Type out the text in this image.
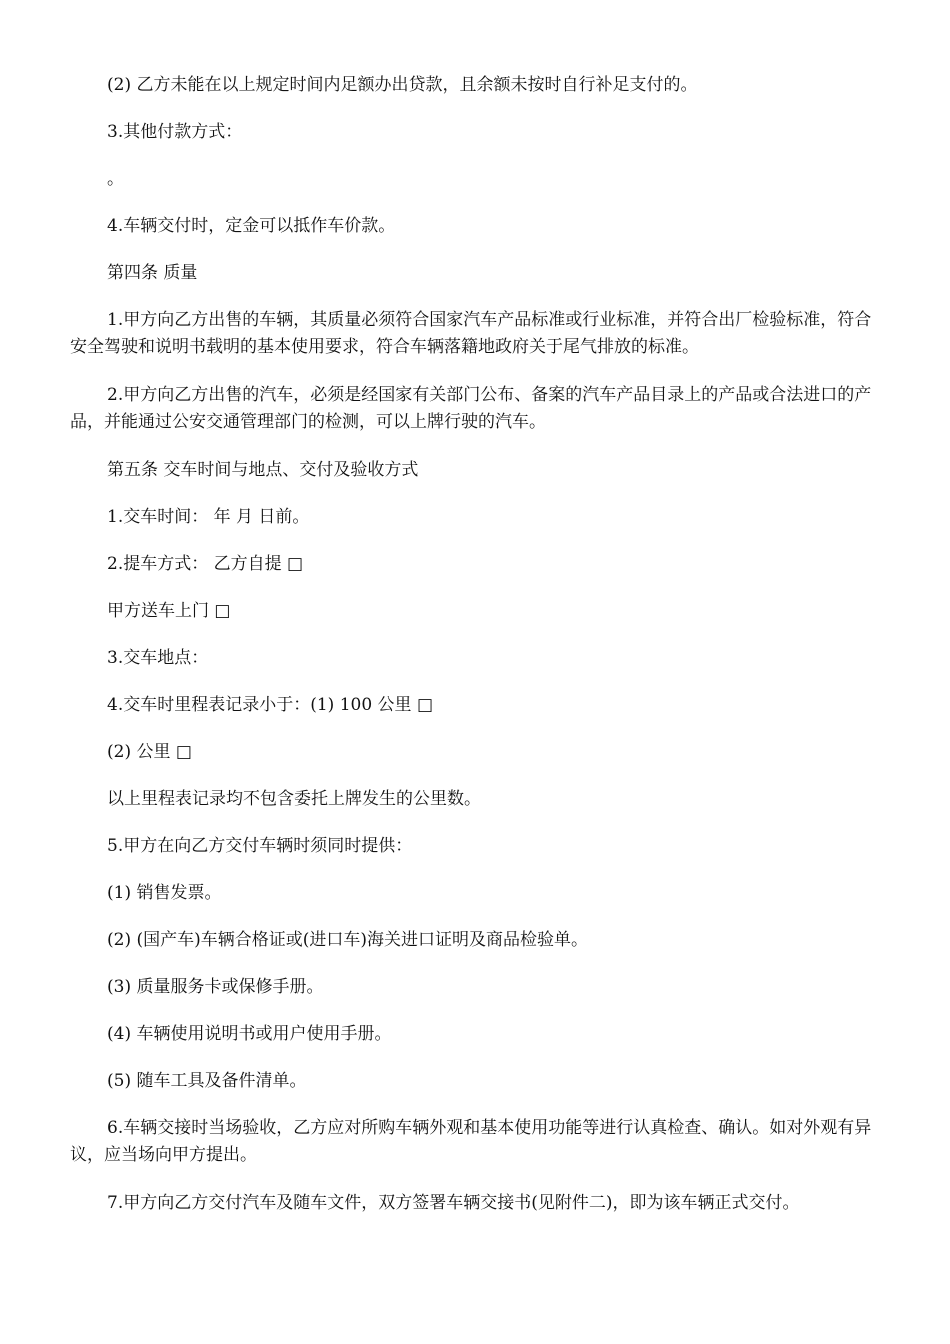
(2) 乙方未能在以上规定时间内足额办出贷款，且余额未按时自行补足支付的。

3.其他付款方式：

。

4.车辆交付时，定金可以抵作车价款。

第四条 质量

1.甲方向乙方出售的车辆，其质量必须符合国家汽车产品标准或行业标准，并符合出厂检验标准，符合安全驾驶和说明书载明的基本使用要求，符合车辆落籍地政府关于尾气排放的标准。

2.甲方向乙方出售的汽车，必须是经国家有关部门公布、备案的汽车产品目录上的产品或合法进口的产品，并能通过公安交通管理部门的检测，可以上牌行驶的汽车。

第五条 交车时间与地点、交付及验收方式

1.交车时间： 年 月 日前。

2.提车方式： 乙方自提 □

甲方送车上门 □

3.交车地点：

4.交车时里程表记录小于：(1) 100 公里 □

(2) 公里 □

以上里程表记录均不包含委托上牌发生的公里数。

5.甲方在向乙方交付车辆时须同时提供：

(1) 销售发票。

(2) (国产车)车辆合格证或(进口车)海关进口证明及商品检验单。

(3) 质量服务卡或保修手册。

(4) 车辆使用说明书或用户使用手册。

(5) 随车工具及备件清单。

6.车辆交接时当场验收，乙方应对所购车辆外观和基本使用功能等进行认真检查、确认。如对外观有异议，应当场向甲方提出。

7.甲方向乙方交付汽车及随车文件，双方签署车辆交接书(见附件二)，即为该车辆正式交付。
